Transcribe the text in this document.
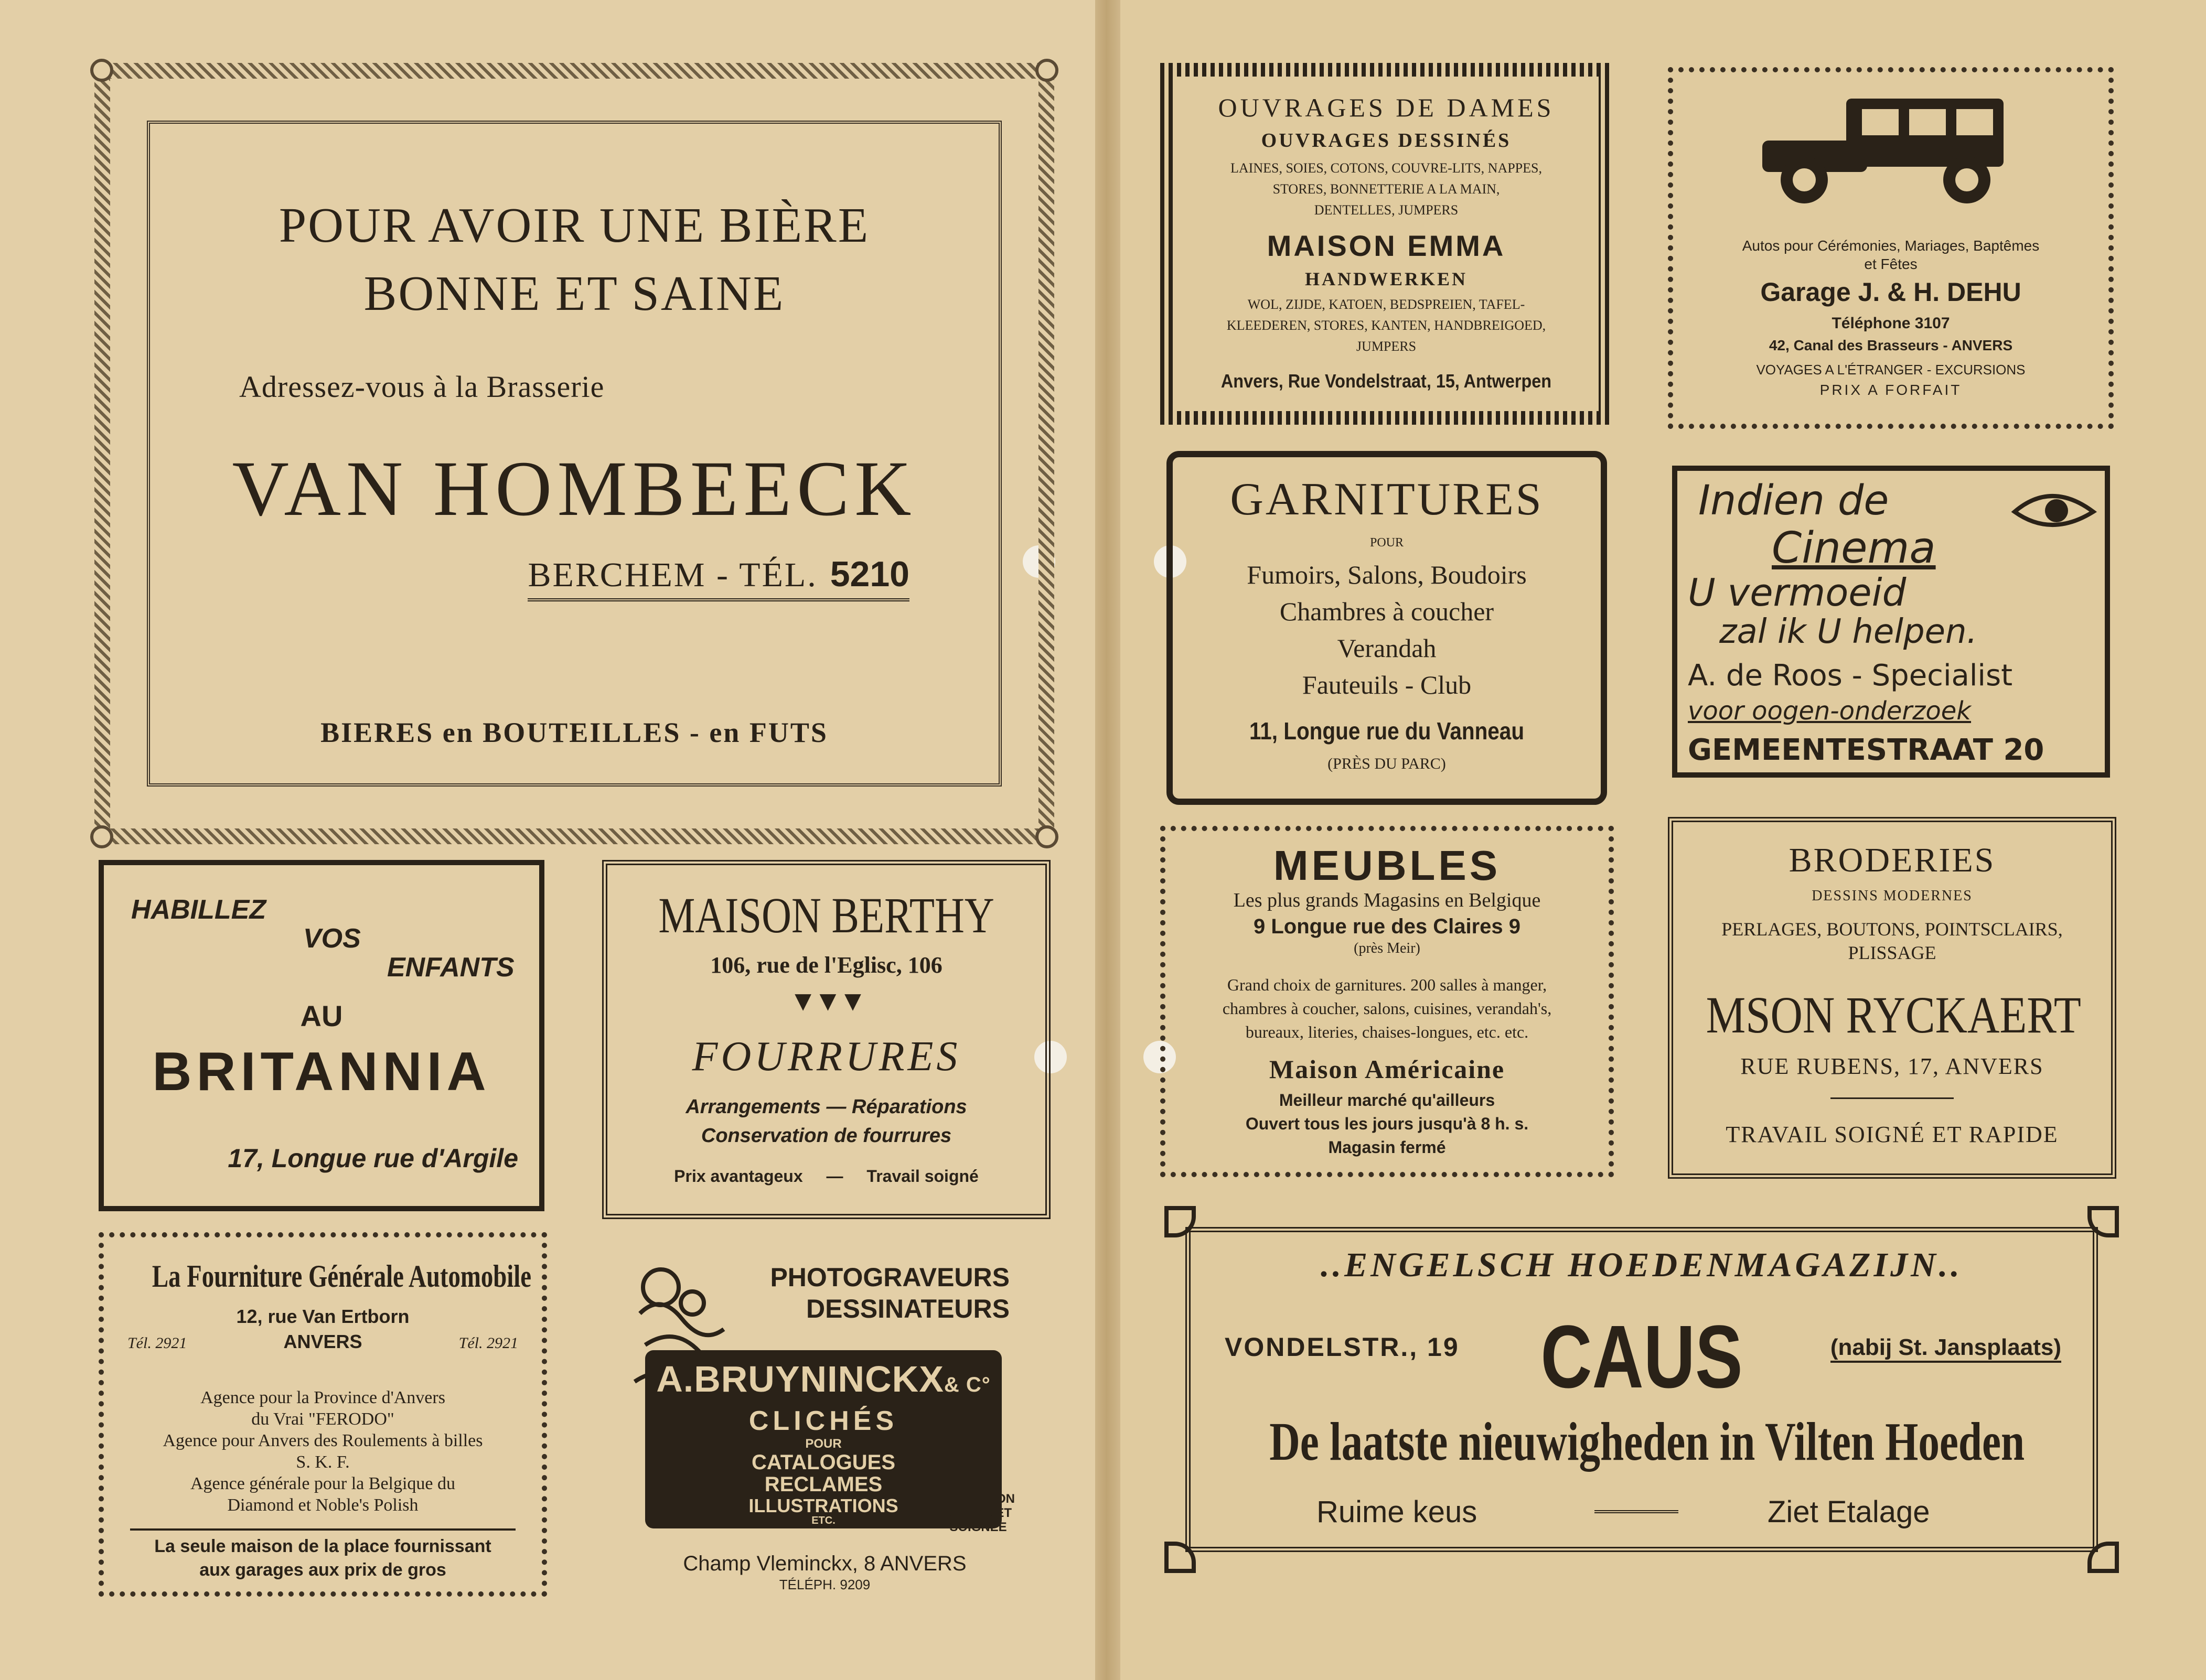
POUR AVOIR UNE BIÈRE
BONNE ET SAINE
Adressez-vous à la Brasserie
VAN HOMBEECK
BERCHEM - TÉL. 5210
BIERES en BOUTEILLES - en FUTS
HABILLEZ
VOS
ENFANTS
AU
BRITANNIA
17, Longue rue d'Argile
MAISON BERTHY
106, rue de l'Eglisc, 106
▼▼▼
FOURRURES
Arrangements — Réparations
Conservation de fourrures
Prix avantageux — Travail soigné
La Fourniture Générale Automobile
12, rue Van Ertborn
Tél. 2921	ANVERS	Tél. 2921
Agence pour la Province d'Anvers
du Vrai "FERODO"
Agence pour Anvers des Roulements à billes
S. K. F.
Agence générale pour la Belgique du
Diamond et Noble's Polish
La seule maison de la place fournissant
aux garages aux prix de gros
PHOTOGRAVEURS
DESSINATEURS
A.BRUYNINCKX& C°
CLICHÉS
POUR
CATALOGUES
RECLAMES
ILLUSTRATIONS
ETC.
EXÉCUTION
RAPIDE ET
SOIGNÉE
Champ Vleminckx, 8 ANVERS
TÉLÉPH. 9209
OUVRAGES DE DAMES
OUVRAGES DESSINÉS
LAINES, SOIES, COTONS, COUVRE-LITS, NAPPES,
STORES, BONNETTERIE A LA MAIN,
DENTELLES, JUMPERS
MAISON EMMA
HANDWERKEN
WOL, ZIJDE, KATOEN, BEDSPREIEN, TAFEL-
KLEEDEREN, STORES, KANTEN, HANDBREIGOED,
JUMPERS
Anvers, Rue Vondelstraat, 15, Antwerpen
Autos pour Cérémonies, Mariages, Baptêmes
et Fêtes
Garage J. & H. DEHU
Téléphone 3107
42, Canal des Brasseurs - ANVERS
VOYAGES A L'ÉTRANGER - EXCURSIONS
PRIX A FORFAIT
GARNITURES
POUR
Fumoirs, Salons, Boudoirs
Chambres à coucher
Verandah
Fauteuils - Club
11, Longue rue du Vanneau
(PRÈS DU PARC)
Indien de
Cinema
U vermoeid
zal ik U helpen.
A. de Roos - Specialist
voor oogen-onderzoek
GEMEENTESTRAAT 20
MEUBLES
Les plus grands Magasins en Belgique
9 Longue rue des Claires 9
(près Meir)
Grand choix de garnitures. 200 salles à manger,
chambres à coucher, salons, cuisines, verandah's,
bureaux, literies, chaises-longues, etc. etc.
Maison Américaine
Meilleur marché qu'ailleurs
Ouvert tous les jours jusqu'à 8 h. s.
Magasin fermé
BRODERIES
DESSINS MODERNES
PERLAGES, BOUTONS, POINTSCLAIRS,
PLISSAGE
MSON RYCKAERT
RUE RUBENS, 17, ANVERS
TRAVAIL SOIGNÉ ET RAPIDE
..ENGELSCH HOEDENMAGAZIJN..
VONDELSTR., 19 CAUS	(nabij St. Jansplaats)
De laatste nieuwigheden in Vilten Hoeden
Ruime keus	Ziet Etalage
